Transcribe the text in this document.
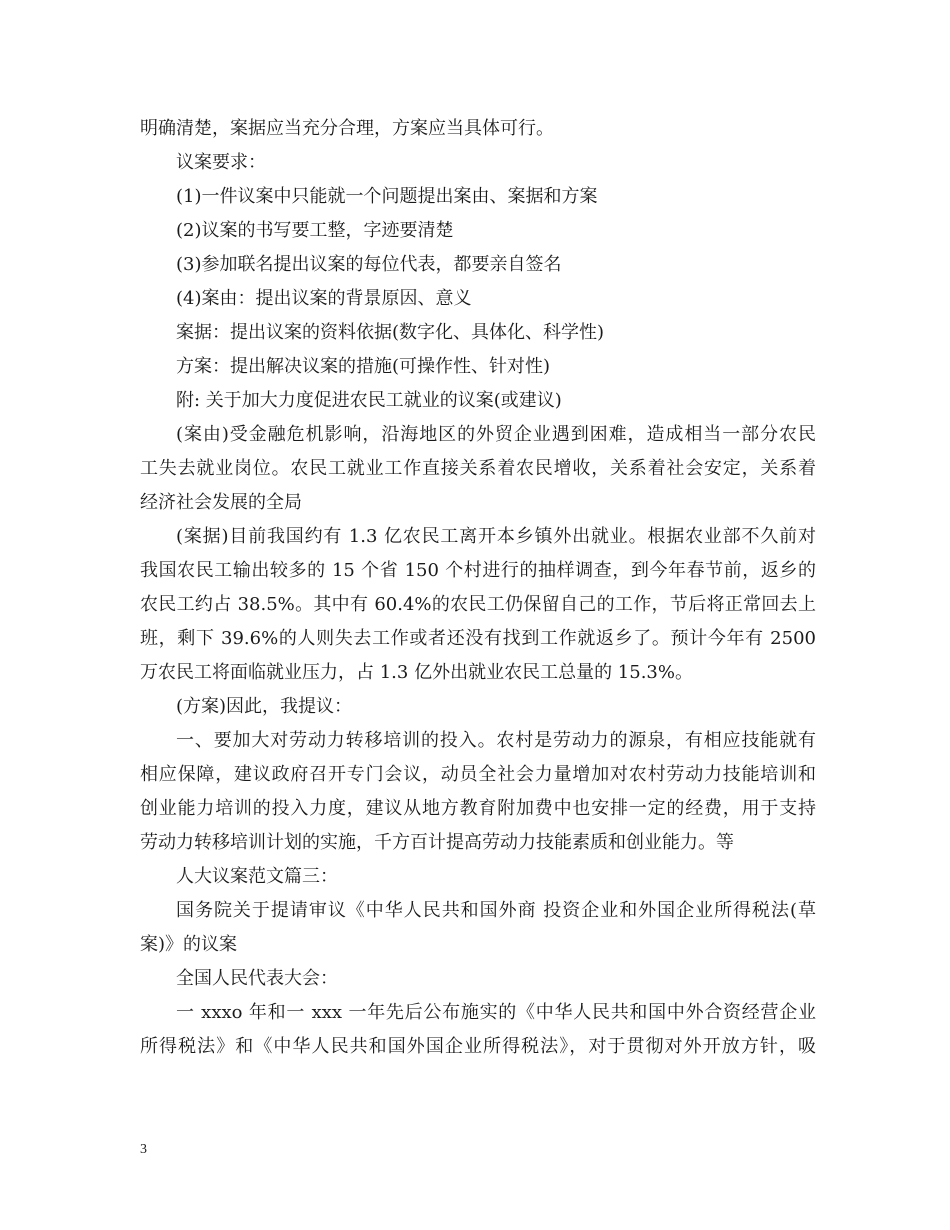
明确清楚，案据应当充分合理，方案应当具体可行。
议案要求：
(1)一件议案中只能就一个问题提出案由、案据和方案
(2)议案的书写要工整，字迹要清楚
(3)参加联名提出议案的每位代表，都要亲自签名
(4)案由：提出议案的背景原因、意义
案据：提出议案的资料依据(数字化、具体化、科学性)
方案：提出解决议案的措施(可操作性、针对性)
附: 关于加大力度促进农民工就业的议案(或建议)
(案由)受金融危机影响，沿海地区的外贸企业遇到困难，造成相当一部分农民
工失去就业岗位。农民工就业工作直接关系着农民增收，关系着社会安定，关系着
经济社会发展的全局
(案据)目前我国约有 1.3 亿农民工离开本乡镇外出就业。根据农业部不久前对
我国农民工输出较多的 15 个省 150 个村进行的抽样调查，到今年春节前，返乡的
农民工约占 38.5%。其中有 60.4%的农民工仍保留自己的工作，节后将正常回去上
班，剩下 39.6%的人则失去工作或者还没有找到工作就返乡了。预计今年有 2500
万农民工将面临就业压力，占 1.3 亿外出就业农民工总量的 15.3%。
(方案)因此，我提议：
一、要加大对劳动力转移培训的投入。农村是劳动力的源泉，有相应技能就有
相应保障，建议政府召开专门会议，动员全社会力量增加对农村劳动力技能培训和
创业能力培训的投入力度，建议从地方教育附加费中也安排一定的经费，用于支持
劳动力转移培训计划的实施，千方百计提高劳动力技能素质和创业能力。等
人大议案范文篇三：
国务院关于提请审议《中华人民共和国外商 投资企业和外国企业所得税法(草
案)》的议案
全国人民代表大会：
一 xxxo 年和一 xxx 一年先后公布施实的《中华人民共和国中外合资经营企业
所得税法》和《中华人民共和国外国企业所得税法》，对于贯彻对外开放方针，吸
3
